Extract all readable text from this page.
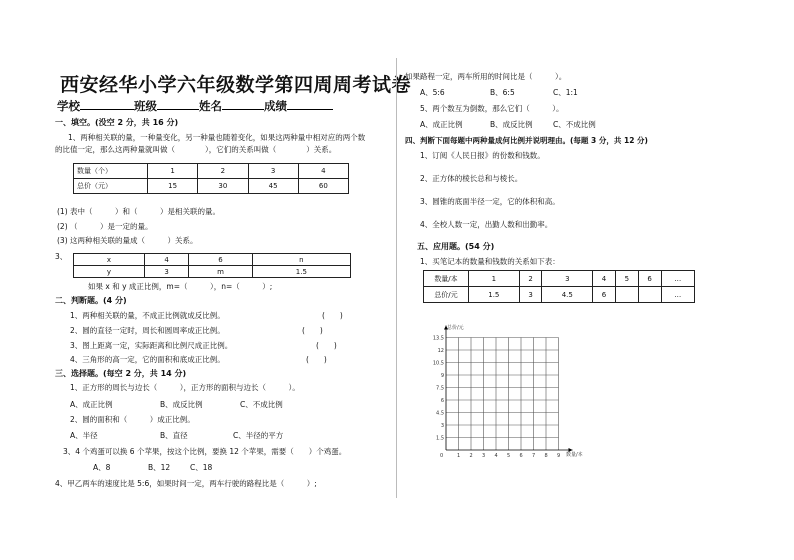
西安经华小学六年级数学第四周周考试卷
学校	班级	姓名	成绩
一、填空。(没空 2 分，共 16 分)
1、两种相关联的量，一种量变化，另一种量也随着变化，如果这两种量中相对应的两个数
的比值一定，那么这两种量就叫做（　　　　），它们的关系叫做（　　　　）关系。
数量（个）	1	2	3	4
总价（元）	15	30	45	60
(1) 表中（　　　）和（　　　）是相关联的量。
(2) （　　　）是一定的量。
(3) 这两种相关联的量成（　　　）关系。
3、	x	4	6	n
y	3	m	1.5
如果 x 和 y 成正比例，m=（　　　），n=（　　　）;
二、判断题。(4 分)
1、两种相关联的量，不成正比例就成反比例。	(　　)
2、圆的直径一定时，周长和圆周率成正比例。	(　　)
3、图上距离一定，实际距离和比例尺成正比例。	(　　)
4、三角形的高一定，它的面积和底成正比例。	(　　)
三、选择题。(每空 2 分，共 14 分)
1、正方形的周长与边长（　　　），正方形的面积与边长（　　　）。
A、成正比例	B、成反比例	C、不成比例
2、圆的面积和（　　　）成正比例。
A、半径	B、直径	C、半径的平方
3、4 个鸡蛋可以换 6 个苹果，按这个比例，要换 12 个苹果，需要（　　）个鸡蛋。
A、8	B、12	C、18
4、甲乙两车的速度比是 5:6，如果时间一定，两车行驶的路程比是（　　　）;
如果路程一定，两车所用的时间比是（　　　）。
A、5:6	B、6:5	C、1:1
5、两个数互为倒数，那么它们（　　　）。
A、成正比例	B、成反比例	C、不成比例
四、判断下面每题中两种量成何比例并说明理由。(每题 3 分，共 12 分)
1、订阅《人民日报》的份数和钱数。
2、正方体的棱长总和与棱长。
3、圆锥的底面半径一定，它的体积和高。
4、全校人数一定，出勤人数和出勤率。
五、应用题。(54 分)
1、买笔记本的数量和钱数的关系如下表：
数量/本	1	2	3	4	5	6	…
总价/元	1.5	3	4.5	6			…
0	1 2 3 4 5 6 7 8 9
1.5
3
4.5
6
7.5
9
10.5
12
13.5
总价/元
数量/本
